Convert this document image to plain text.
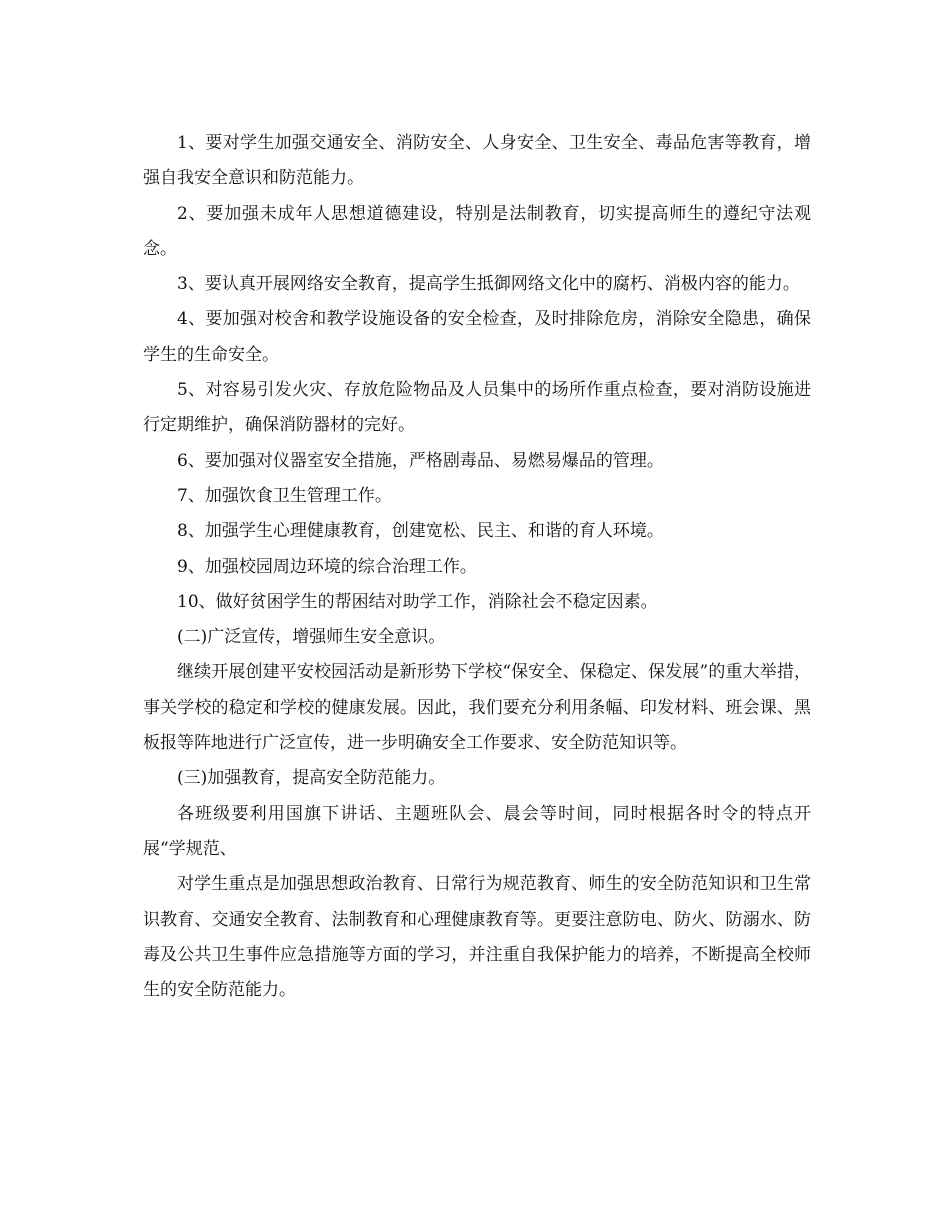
1、要对学生加强交通安全、消防安全、人身安全、卫生安全、毒品危害等教育，增强自我安全意识和防范能力。

2、要加强未成年人思想道德建设，特别是法制教育，切实提高师生的遵纪守法观念。

3、要认真开展网络安全教育，提高学生抵御网络文化中的腐朽、消极内容的能力。

4、要加强对校舍和教学设施设备的安全检查，及时排除危房，消除安全隐患，确保学生的生命安全。

5、对容易引发火灾、存放危险物品及人员集中的场所作重点检查，要对消防设施进行定期维护，确保消防器材的完好。

6、要加强对仪器室安全措施，严格剧毒品、易燃易爆品的管理。

7、加强饮食卫生管理工作。

8、加强学生心理健康教育，创建宽松、民主、和谐的育人环境。

9、加强校园周边环境的综合治理工作。

10、做好贫困学生的帮困结对助学工作，消除社会不稳定因素。

(二)广泛宣传，增强师生安全意识。

继续开展创建平安校园活动是新形势下学校“保安全、保稳定、保发展”的重大举措，事关学校的稳定和学校的健康发展。因此，我们要充分利用条幅、印发材料、班会课、黑板报等阵地进行广泛宣传，进一步明确安全工作要求、安全防范知识等。

(三)加强教育，提高安全防范能力。

各班级要利用国旗下讲话、主题班队会、晨会等时间，同时根据各时令的特点开展“学规范、

对学生重点是加强思想政治教育、日常行为规范教育、师生的安全防范知识和卫生常识教育、交通安全教育、法制教育和心理健康教育等。更要注意防电、防火、防溺水、防毒及公共卫生事件应急措施等方面的学习，并注重自我保护能力的培养，不断提高全校师生的安全防范能力。
